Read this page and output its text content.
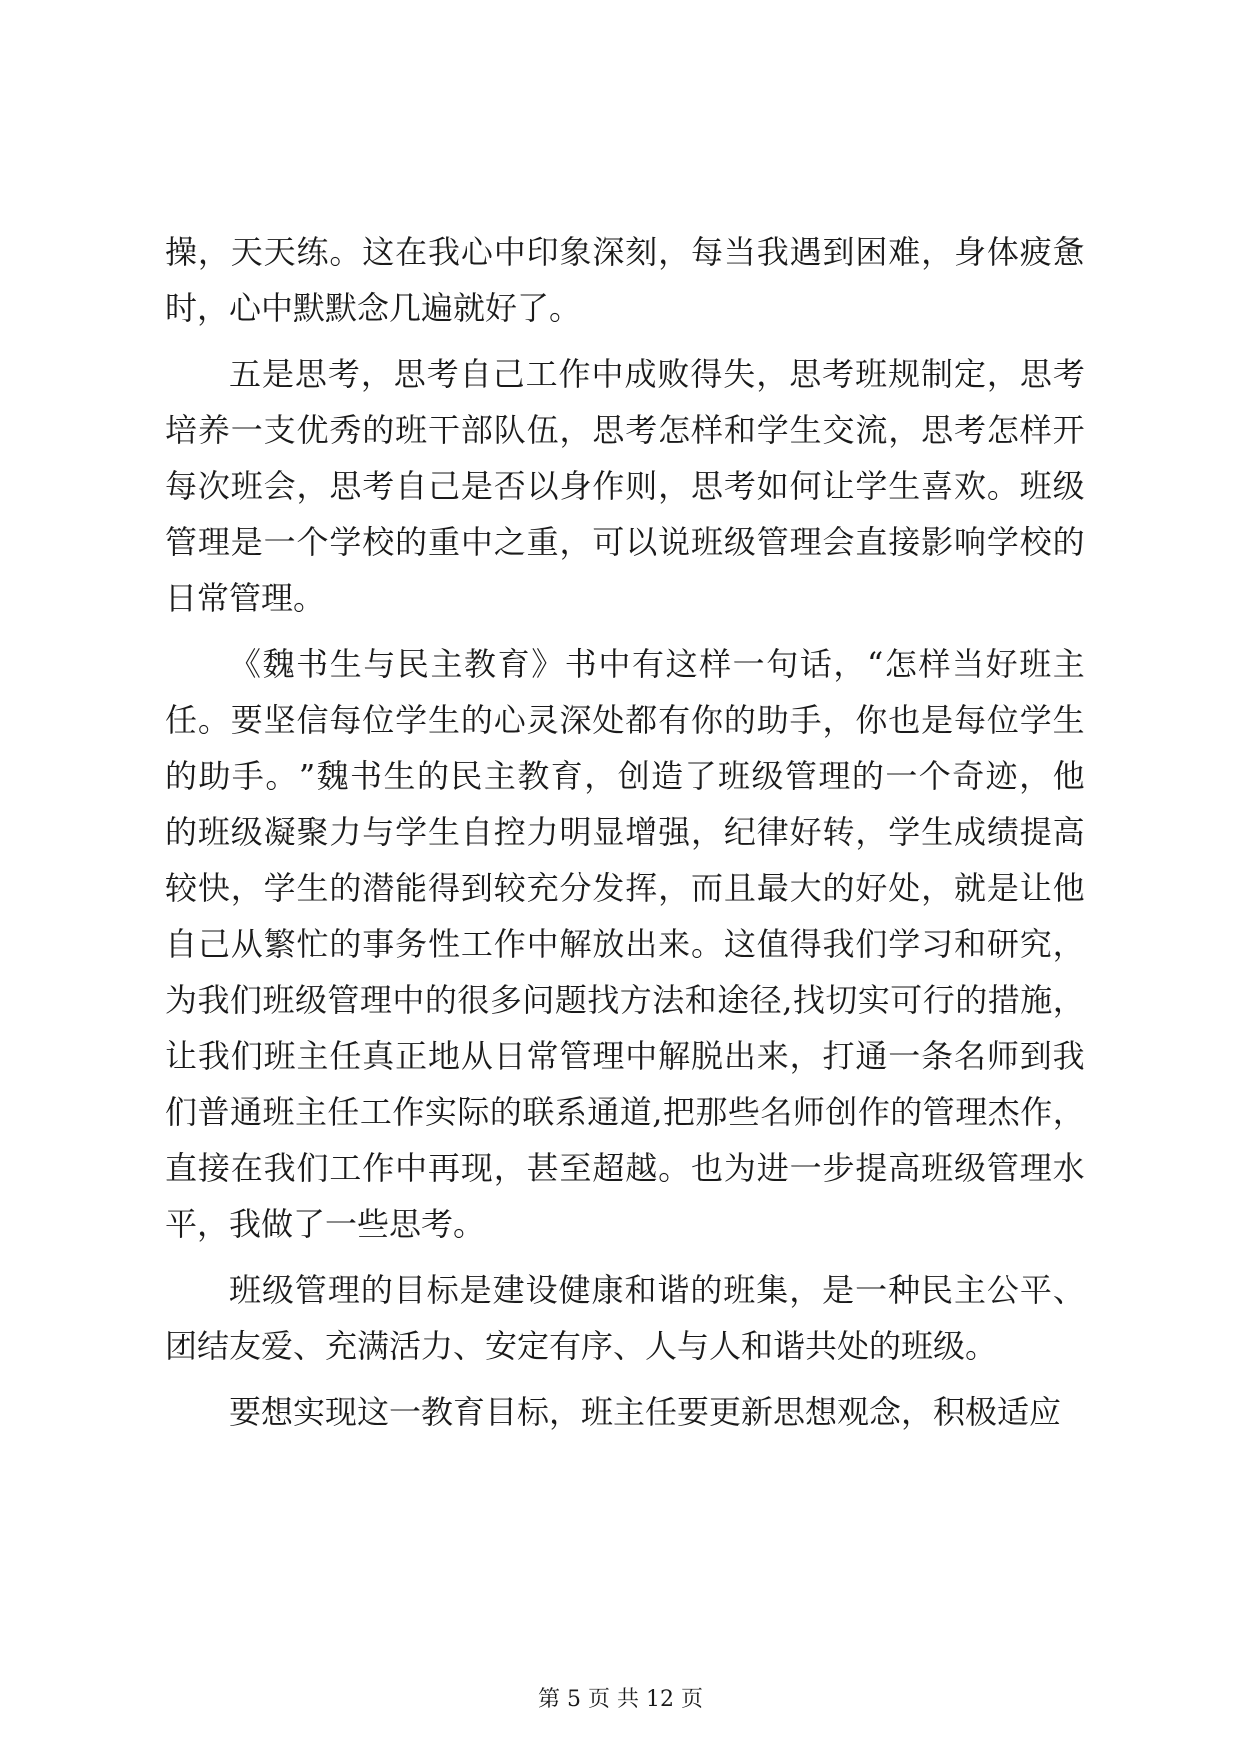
操 ， 天 天 练 。 这 在 我 心 中 印 象 深 刻 ， 每 当 我 遇 到 困 难 ， 身 体 疲 惫
时，心中默默念几遍就好了。
五 是 思 考 ， 思 考 自 己 工 作 中 成 败 得 失 ， 思 考 班 规 制 定 ， 思 考
培 养 一 支 优 秀 的 班 干 部 队 伍 ， 思 考 怎 样 和 学 生 交 流 ， 思 考 怎 样 开
每 次 班 会 ， 思 考 自 己 是 否 以 身 作 则 ， 思 考 如 何 让 学 生 喜 欢 。 班 级
管 理 是 一 个 学 校 的 重 中 之 重 ， 可 以 说 班 级 管 理 会 直 接 影 响 学 校 的
日常管理。
《 魏 书 生 与 民 主 教 育 》 书 中 有 这 样 一 句 话 ， “ 怎 样 当 好 班 主
任 。 要 坚 信 每 位 学 生 的 心 灵 深 处 都 有 你 的 助 手 ， 你 也 是 每 位 学 生
的 助 手 。 ” 魏 书 生 的 民 主 教 育 ， 创 造 了 班 级 管 理 的 一 个 奇 迹 ， 他
的 班 级 凝 聚 力 与 学 生 自 控 力 明 显 增 强 ， 纪 律 好 转 ， 学 生 成 绩 提 高
较 快 ， 学 生 的 潜 能 得 到 较 充 分 发 挥 ， 而 且 最 大 的 好 处 ， 就 是 让 他
自 己 从 繁 忙 的 事 务 性 工 作 中 解 放 出 来 。 这 值 得 我 们 学 习 和 研 究 ，
为 我 们 班 级 管 理 中 的 很 多 问 题 找 方 法 和 途 径 , 找 切 实 可 行 的 措 施 ，
让 我 们 班 主 任 真 正 地 从 日 常 管 理 中 解 脱 出 来 ， 打 通 一 条 名 师 到 我
们 普 通 班 主 任 工 作 实 际 的 联 系 通 道 , 把 那 些 名 师 创 作 的 管 理 杰 作 ，
直 接 在 我 们 工 作 中 再 现 ， 甚 至 超 越 。 也 为 进 一 步 提 高 班 级 管 理 水
平，我做了一些思考。
班 级 管 理 的 目 标 是 建 设 健 康 和 谐 的 班 集 ， 是 一 种 民 主 公 平 、
团结友爱、充满活力、安定有序、人与人和谐共处的班级。
要想实现这一教育目标，班主任要更新思想观念，积极适应
第 5 页 共 12 页
